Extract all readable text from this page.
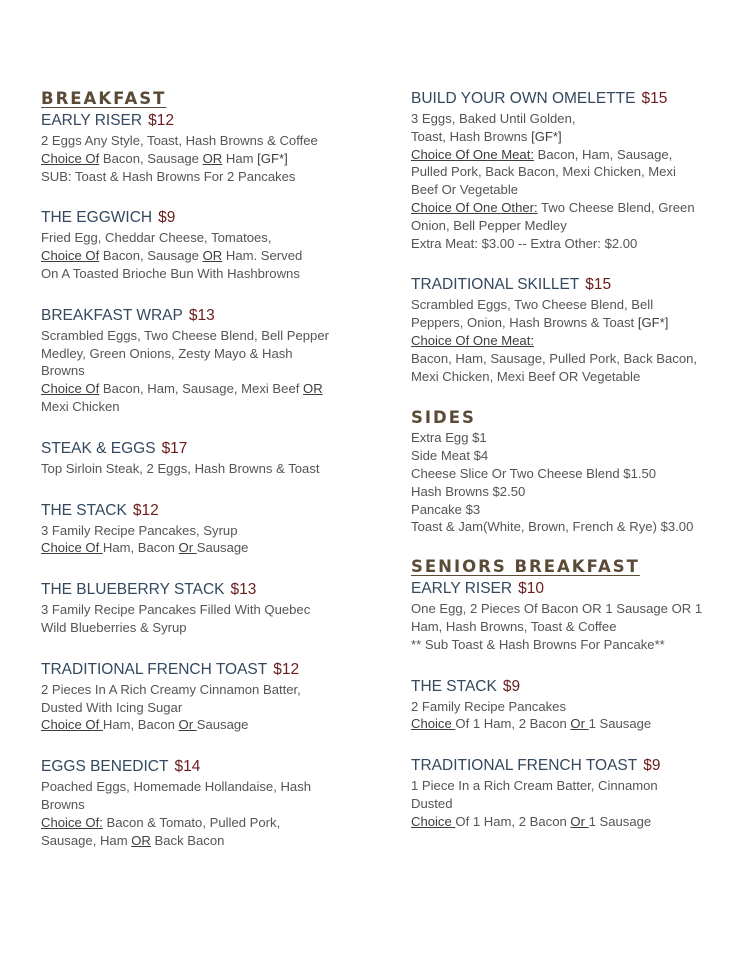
BREAKFAST
EARLY RISER $12
2 Eggs Any Style, Toast, Hash Browns & Coffee
Choice Of Bacon, Sausage OR Ham [GF*]
SUB: Toast & Hash Browns For 2 Pancakes
THE EGGWICH $9
Fried Egg, Cheddar Cheese, Tomatoes,
Choice Of Bacon, Sausage OR Ham. Served
On A Toasted Brioche Bun With Hashbrowns
BREAKFAST WRAP $13
Scrambled Eggs, Two Cheese Blend, Bell Pepper
Medley, Green Onions, Zesty Mayo & Hash
Browns
Choice Of Bacon, Ham, Sausage, Mexi Beef OR
Mexi Chicken
STEAK & EGGS $17
Top Sirloin Steak, 2 Eggs, Hash Browns & Toast
THE STACK $12
3 Family Recipe Pancakes, Syrup
Choice Of Ham, Bacon Or Sausage
THE BLUEBERRY STACK $13
3 Family Recipe Pancakes Filled With Quebec
Wild Blueberries & Syrup
TRADITIONAL FRENCH TOAST $12
2 Pieces In A Rich Creamy Cinnamon Batter,
Dusted With Icing Sugar
Choice Of Ham, Bacon Or Sausage
EGGS BENEDICT $14
Poached Eggs, Homemade Hollandaise, Hash
Browns
Choice Of: Bacon & Tomato, Pulled Pork,
Sausage, Ham OR Back Bacon
BUILD YOUR OWN OMELETTE $15
3 Eggs, Baked Until Golden,
Toast, Hash Browns [GF*]
Choice Of One Meat: Bacon, Ham, Sausage,
Pulled Pork, Back Bacon, Mexi Chicken, Mexi
Beef Or Vegetable
Choice Of One Other: Two Cheese Blend, Green
Onion, Bell Pepper Medley
Extra Meat: $3.00 -- Extra Other: $2.00
TRADITIONAL SKILLET $15
Scrambled Eggs, Two Cheese Blend, Bell
Peppers, Onion, Hash Browns & Toast [GF*]
Choice Of One Meat:
Bacon, Ham, Sausage, Pulled Pork, Back Bacon,
Mexi Chicken, Mexi Beef OR Vegetable
SIDES
Extra Egg $1
Side Meat $4
Cheese Slice Or Two Cheese Blend $1.50
Hash Browns $2.50
Pancake $3
Toast & Jam(White, Brown, French & Rye) $3.00
SENIORS BREAKFAST
EARLY RISER $10
One Egg, 2 Pieces Of Bacon OR 1 Sausage OR 1
Ham, Hash Browns, Toast & Coffee
** Sub Toast & Hash Browns For Pancake**
THE STACK $9
2 Family Recipe Pancakes
Choice Of 1 Ham, 2 Bacon Or 1 Sausage
TRADITIONAL FRENCH TOAST $9
1 Piece In a Rich Cream Batter, Cinnamon
Dusted
Choice Of 1 Ham, 2 Bacon Or 1 Sausage
